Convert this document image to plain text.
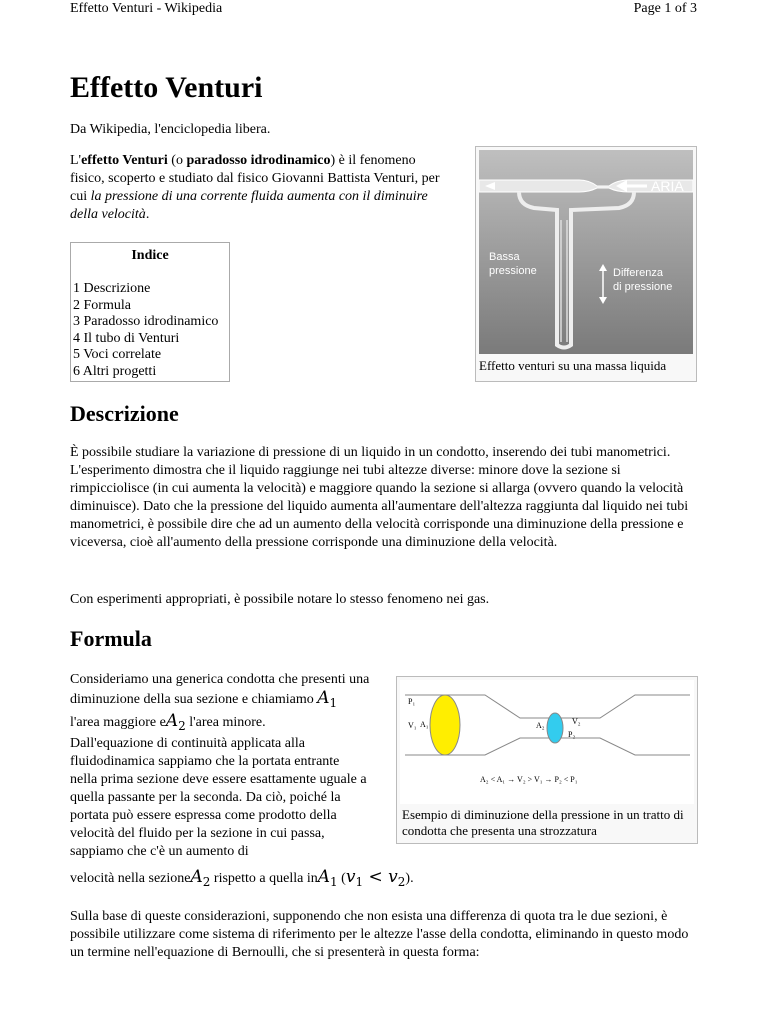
Effetto Venturi - Wikipedia	Page 1 of 3
Effetto Venturi
Da Wikipedia, l'enciclopedia libera.
L'effetto Venturi (o paradosso idrodinamico) è il fenomeno fisico, scoperto e studiato dal fisico Giovanni Battista Venturi, per cui la pressione di una corrente fluida aumenta con il diminuire della velocità.
Indice
1 Descrizione
2 Formula
3 Paradosso idrodinamico
4 Il tubo di Venturi
5 Voci correlate
6 Altri progetti
ARIA
Bassa
pressione	Differenza
di pressione
Effetto venturi su una massa liquida
Descrizione
È possibile studiare la variazione di pressione di un liquido in un condotto, inserendo dei tubi manometrici. L'esperimento dimostra che il liquido raggiunge nei tubi altezze diverse: minore dove la sezione si rimpicciolisce (in cui aumenta la velocità) e maggiore quando la sezione si allarga (ovvero quando la velocità diminuisce). Dato che la pressione del liquido aumenta all'aumentare dell'altezza raggiunta dal liquido nei tubi manometrici, è possibile dire che ad un aumento della velocità corrisponde una diminuzione della pressione e viceversa, cioè all'aumento della pressione corrisponde una diminuzione della velocità.
Con esperimenti appropriati, è possibile notare lo stesso fenomeno nei gas.
Formula
Consideriamo una generica condotta che presenti una diminuzione della sua sezione e chiamiamo $A_1$ l'area maggiore $eA_2$ l'area minore.
Dall'equazione di continuità applicata alla fluidodinamica sappiamo che la portata entrante nella prima sezione deve essere esattamente uguale a quella passante per la seconda. Da ciò, poiché la portata può essere espressa come prodotto della velocità del fluido per la sezione in cui passa, sappiamo che c'è un aumento di
velocità nella sezioneA$_2$ rispetto a quella inA$_1$ $(v_1 < v_2)$.
P₁
V₁ A₁	A₂	V₂
P₂
A₂ < A₁ → V₂ > V₁ → P₂ < P₁
Esempio di diminuzione della pressione in un tratto di condotta che presenta una strozzatura
Sulla base di queste considerazioni, supponendo che non esista una differenza di quota tra le due sezioni, è possibile utilizzare come sistema di riferimento per le altezze l'asse della condotta, eliminando in questo modo un termine nell'equazione di Bernoulli, che si presenterà in questa forma:
